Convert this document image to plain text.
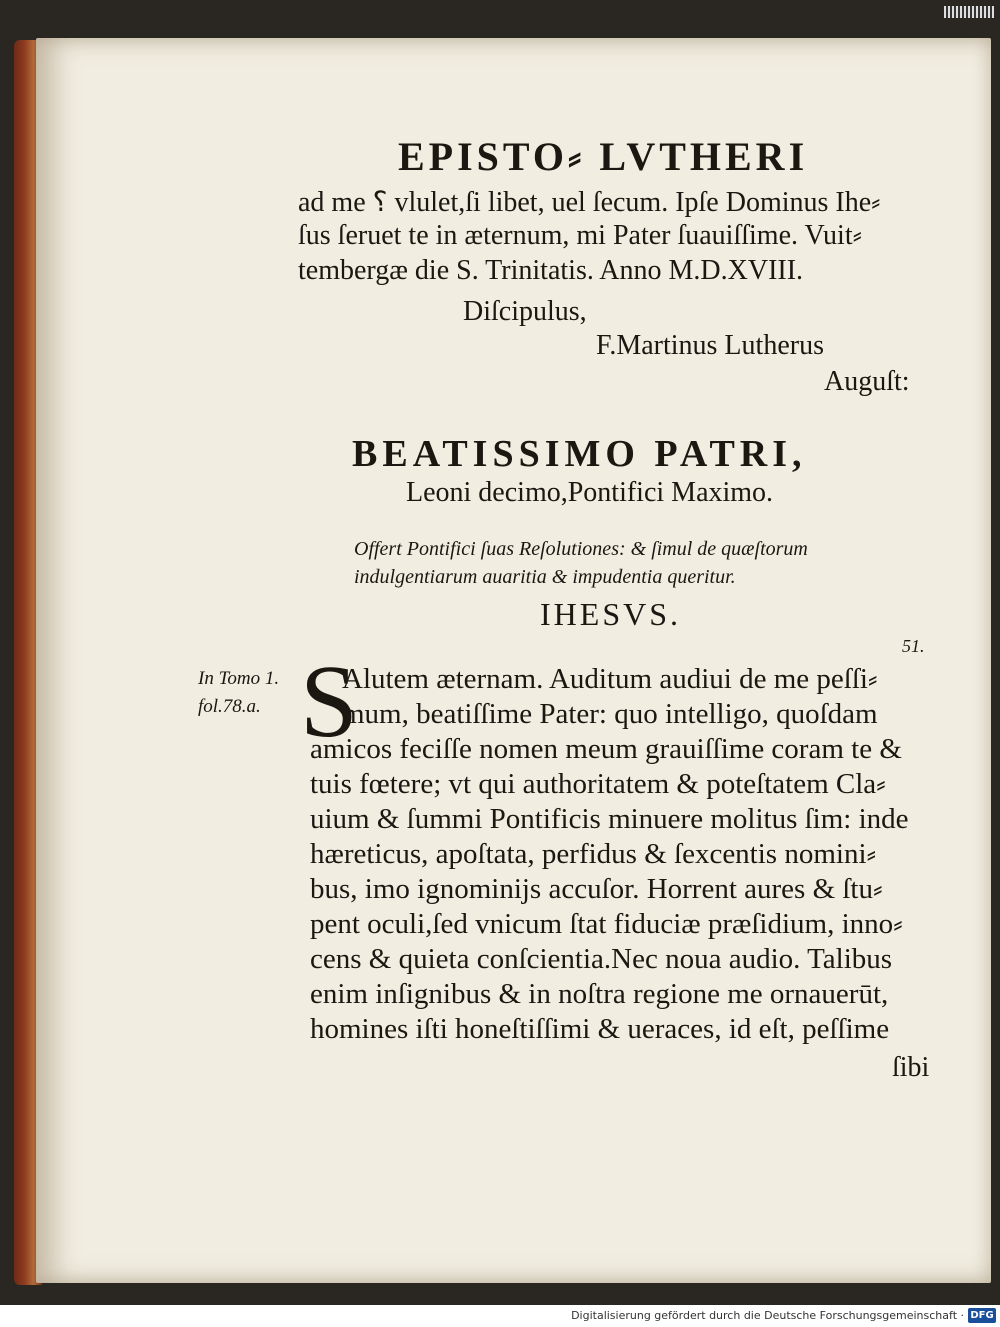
EPISTO⸗ LVTHERI
ad me ⸮ vlulet,ſi libet, uel ſecum. Ipſe Dominus Ihe⸗
ſus ſeruet te in æternum, mi Pater ſuauiſſime. Vuit⸗
tembergæ die S. Trinitatis. Anno M.D.XVIII.
Diſcipulus,
F.Martinus Lutherus
Auguſt:
BEATISSIMO PATRI,
Leoni decimo,Pontifici Maximo.
Offert Pontifici ſuas Reſolutiones: & ſimul de quæſtorum
indulgentiarum auaritia & impudentia queritur.
IHESVS.
51.
In Tomo 1.
fol.78.a. S
Alutem æternam. Auditum audiui de me peſſi⸗
mum, beatiſſime Pater: quo intelligo, quoſdam
amicos feciſſe nomen meum grauiſſime coram te &
tuis fœtere; vt qui authoritatem & poteſtatem Cla⸗
uium & ſummi Pontificis minuere molitus ſim: inde
hæreticus, apoſtata, perfidus & ſexcentis nomini⸗
bus, imo ignominijs accuſor. Horrent aures & ſtu⸗
pent oculi,ſed vnicum ſtat fiduciæ præſidium, inno⸗
cens & quieta conſcientia.Nec noua audio. Talibus
enim inſignibus & in noſtra regione me ornauerūt,
homines iſti honeſtiſſimi & ueraces, id eſt, peſſime
ſibi
Digitalisierung gefördert durch die Deutsche Forschungsgemeinschaft · DFG
